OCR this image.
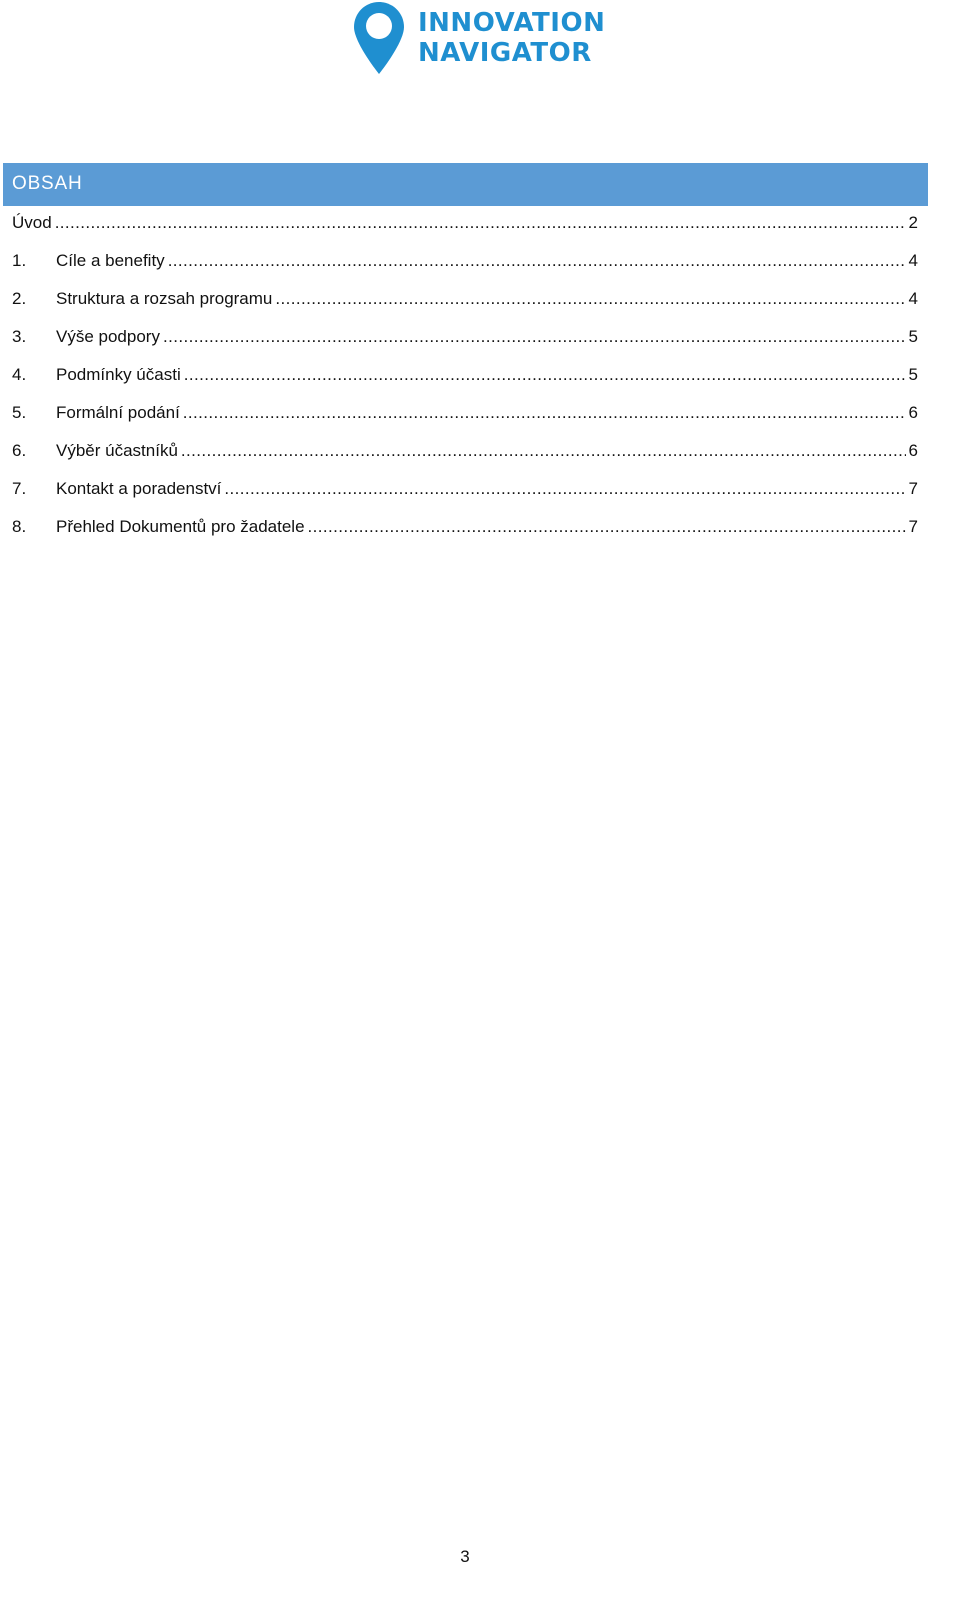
INNOVATION
NAVIGATOR
OBSAH
Úvod .....	2
1.	Cíle a benefity .....	4
2.	Struktura a rozsah programu .....	4
3.	Výše podpory .....	5
4.	Podmínky účasti .....	5
5.	Formální podání .....	6
6.	Výběr účastníků .....	6
7.	Kontakt a poradenství .....	7
8.	Přehled Dokumentů pro žadatele .....	7
3
